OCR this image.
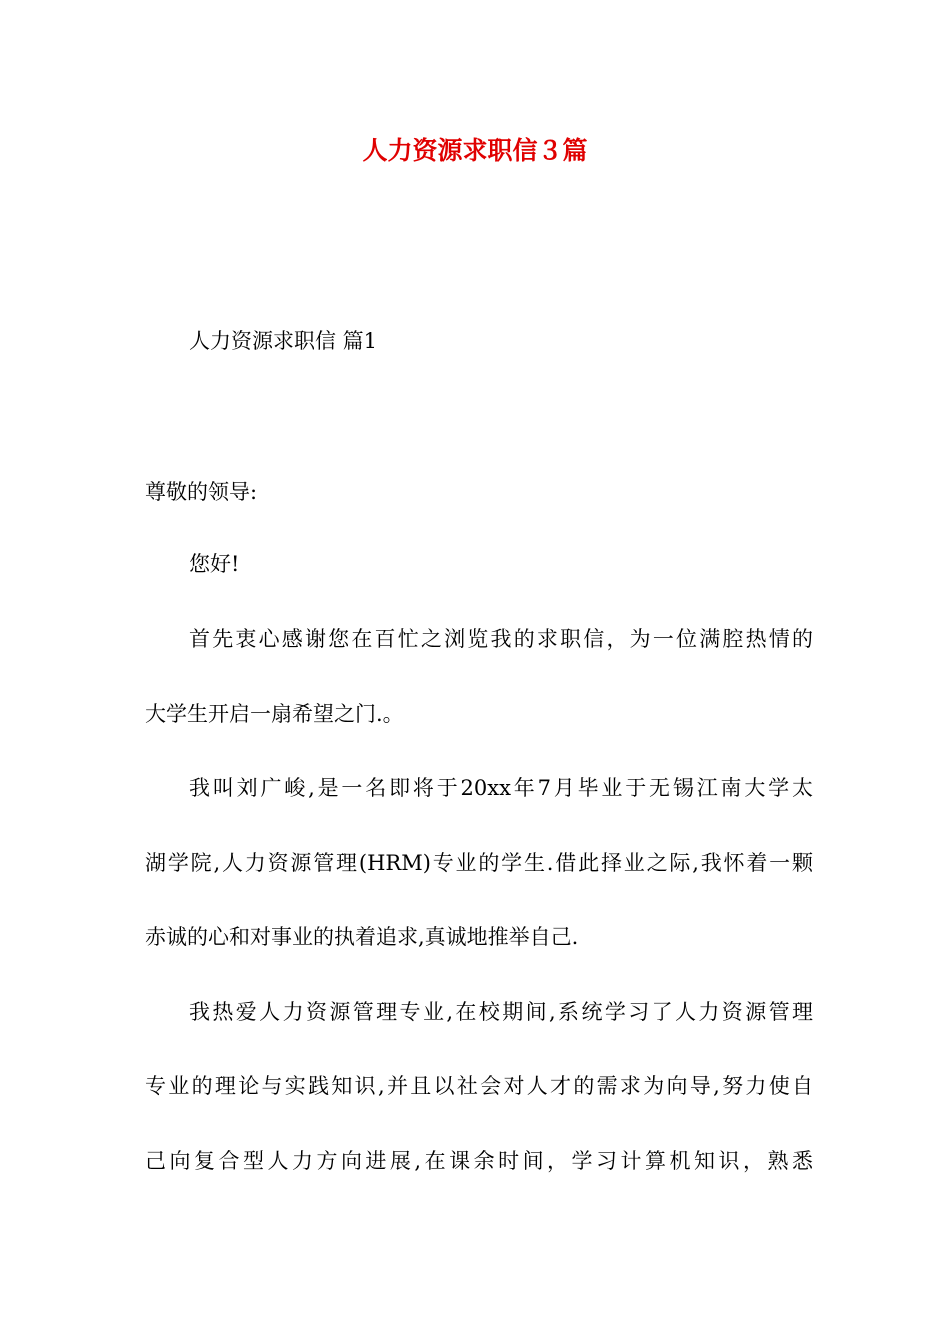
人力资源求职信３篇
人力资源求职信 篇1
尊敬的领导:
您好!
首先衷心感谢您在百忙之浏览我的求职信，为一位满腔热情的
大学生开启一扇希望之门.。
我叫刘广峻,是一名即将于20xx年7月毕业于无锡江南大学太
湖学院,人力资源管理(HRM)专业的学生.借此择业之际,我怀着一颗
赤诚的心和对事业的执着追求,真诚地推举自己.
我热爱人力资源管理专业,在校期间,系统学习了人力资源管理
专业的理论与实践知识,并且以社会对人才的需求为向导,努力使自
己向复合型人力方向进展,在课余时间，学习计算机知识，熟悉
